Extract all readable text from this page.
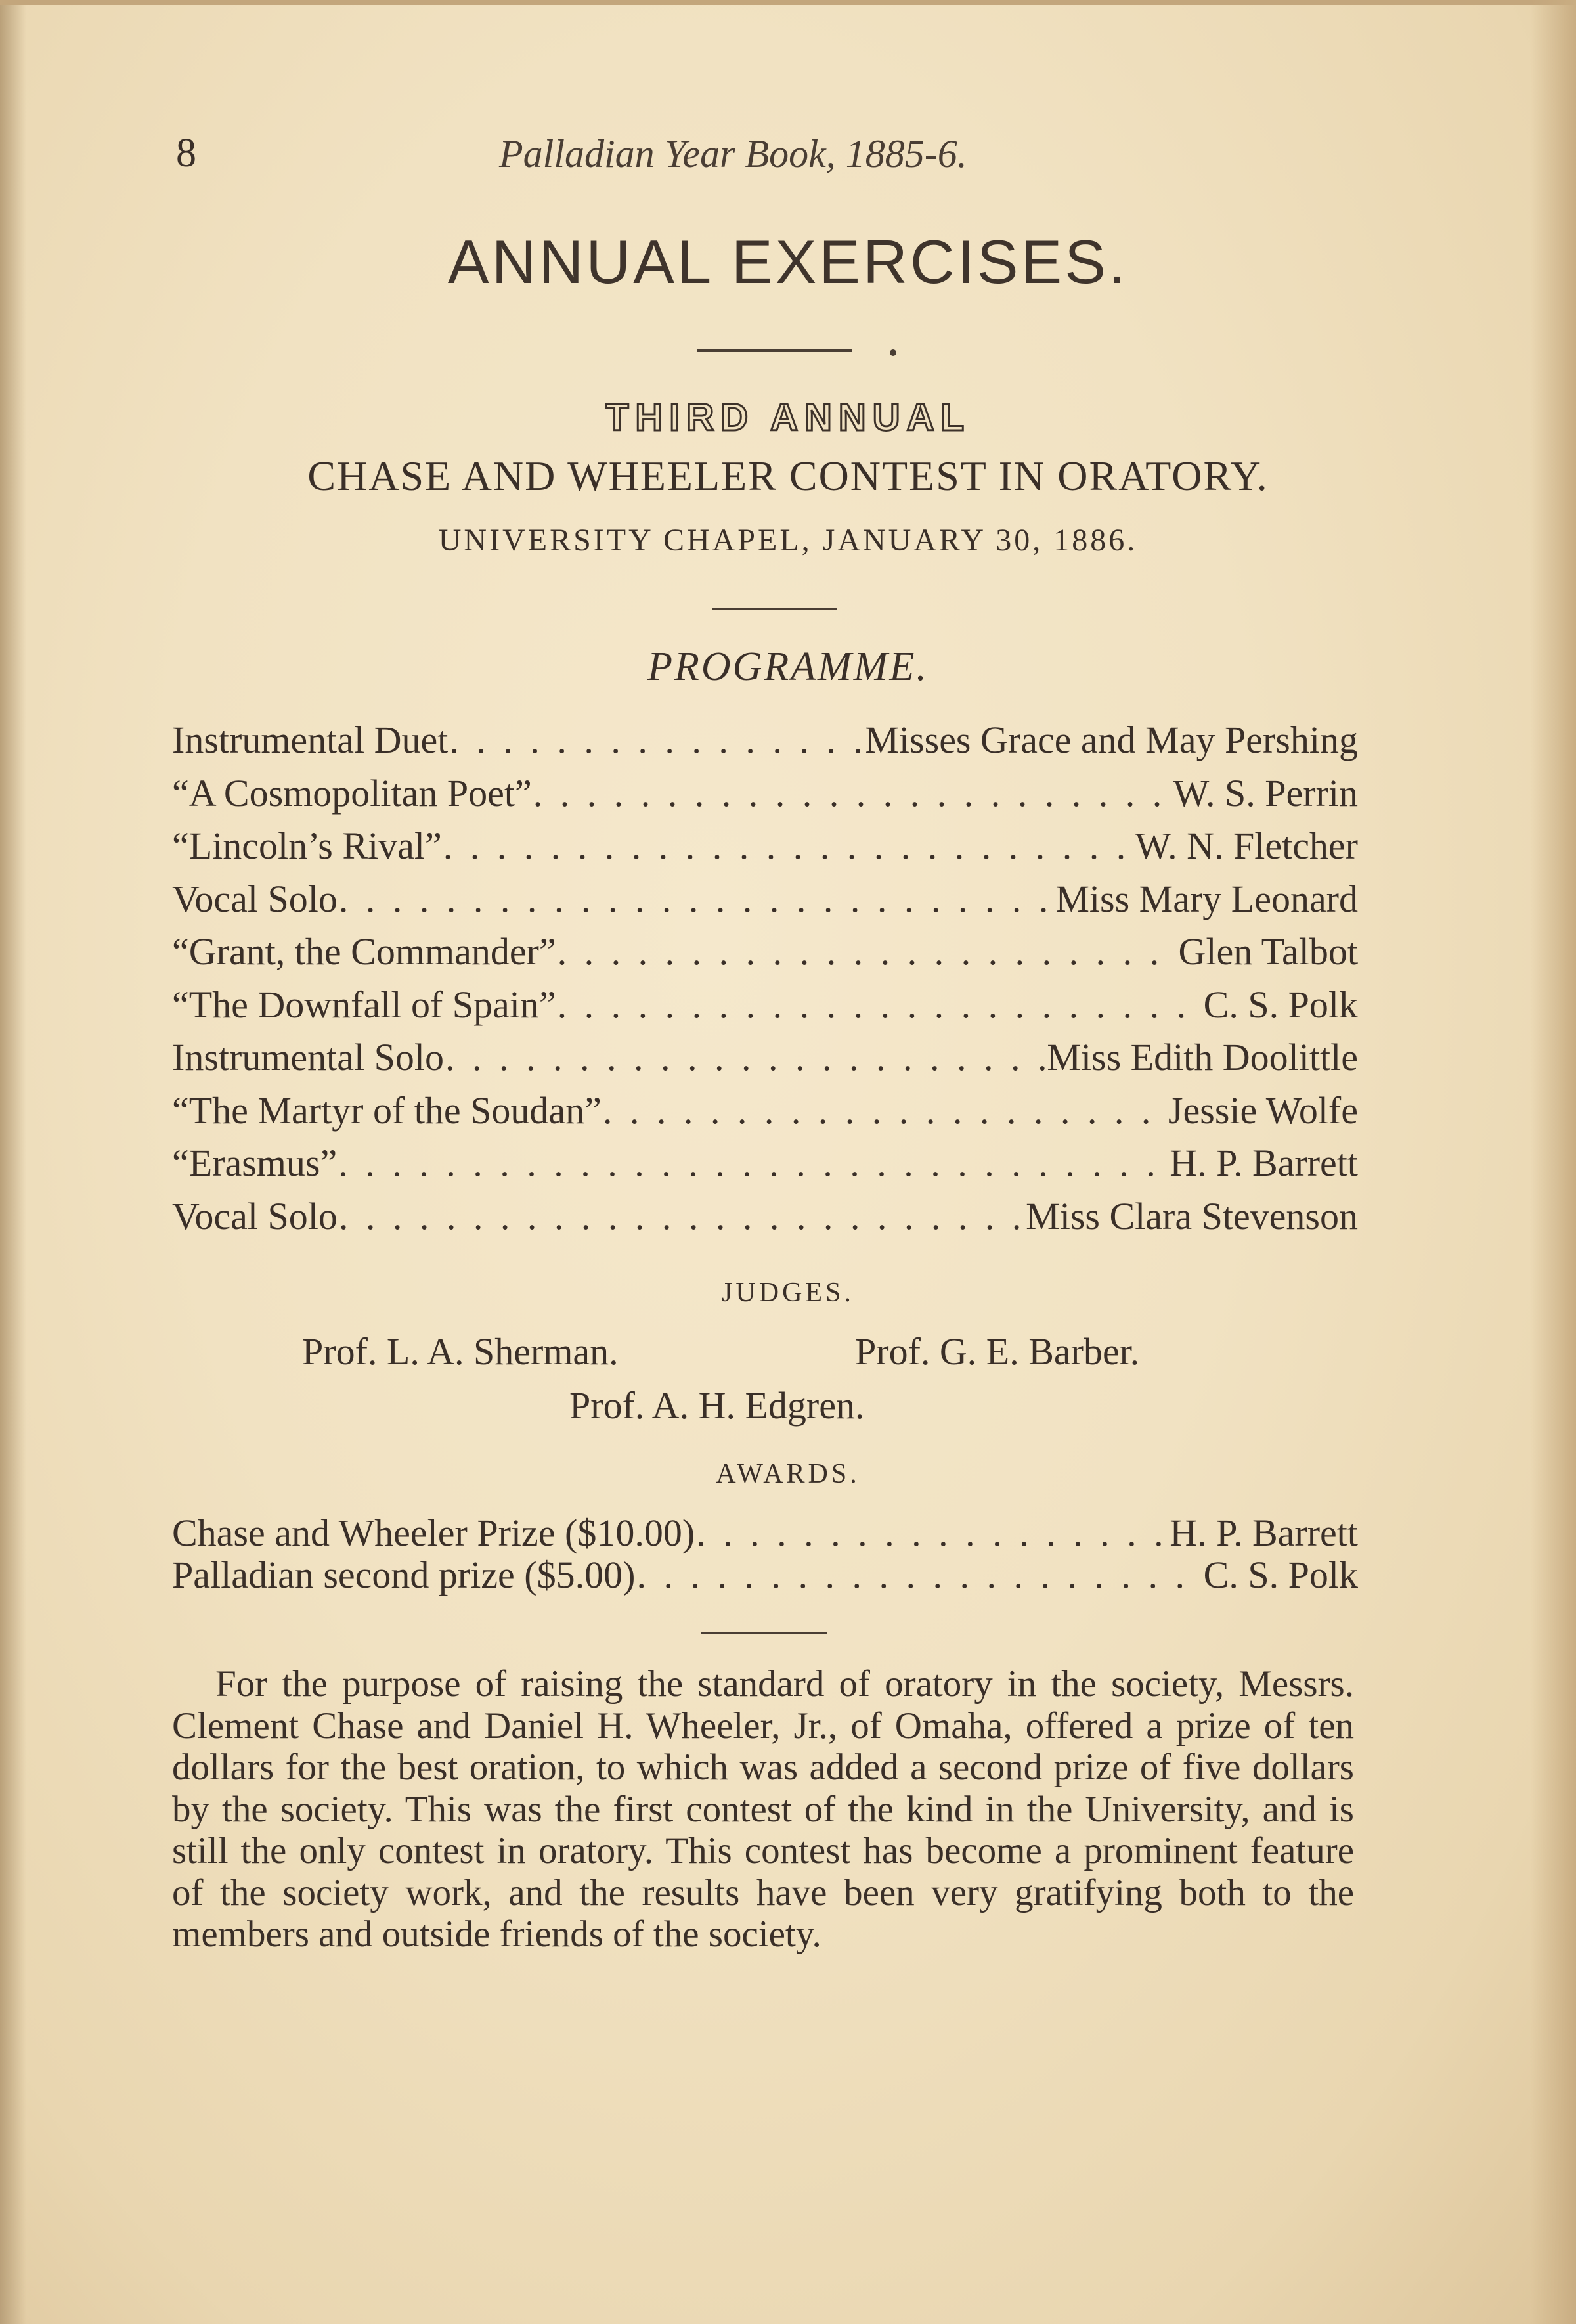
8	Palladian Year Book, 1885-6.
ANNUAL EXERCISES.
THIRD ANNUAL
CHASE AND WHEELER CONTEST IN ORATORY.
UNIVERSITY CHAPEL, JANUARY 30, 1886.
PROGRAMME.
Instrumental Duet . . .	Misses Grace and May Pershing
“A Cosmopolitan Poet” . . .	W. S. Perrin
“Lincoln’s Rival” . . .	W. N. Fletcher
Vocal Solo . . .	Miss Mary Leonard
“Grant, the Commander” . . .	Glen Talbot
“The Downfall of Spain” . . .	C. S. Polk
Instrumental Solo . . .	Miss Edith Doolittle
“The Martyr of the Soudan” . . .	Jessie Wolfe
“Erasmus” . . .	H. P. Barrett
Vocal Solo . . .	Miss Clara Stevenson
JUDGES.
Prof. L. A. Sherman.	Prof. G. E. Barber.
Prof. A. H. Edgren.
AWARDS.
Chase and Wheeler Prize ($10.00) . . .	H. P. Barrett
Palladian second prize ($5.00) . . .	C. S. Polk

For the purpose of raising the standard of oratory in the society, Messrs. Clement Chase and Daniel H. Wheeler, Jr., of Omaha, offered a prize of ten dollars for the best oration, to which was added a second prize of five dollars by the society. This was the first contest of the kind in the University, and is still the only contest in oratory. This contest has become a prominent feature of the society work, and the results have been very gratifying both to the members and outside friends of the society.
